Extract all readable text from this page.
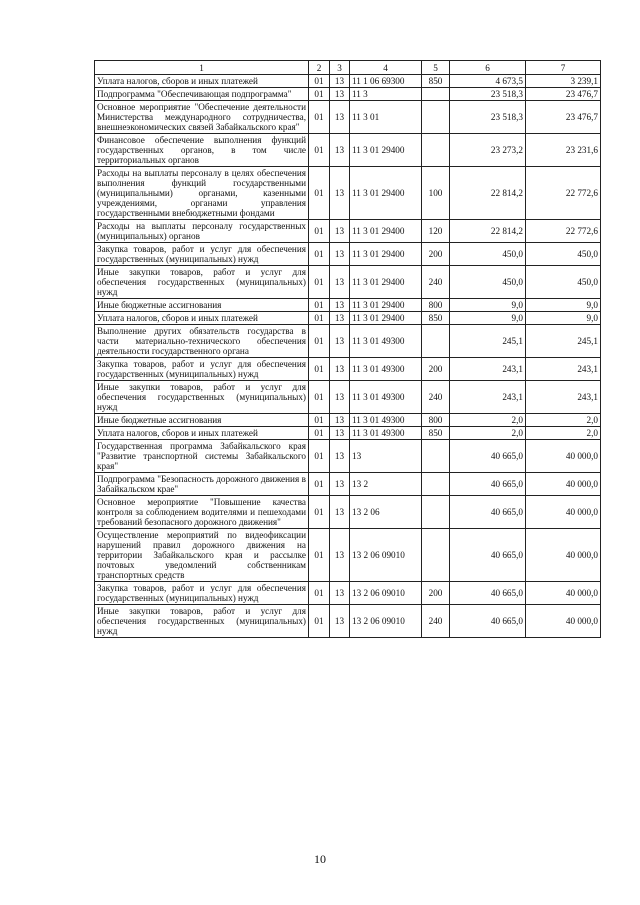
1	2	3	4	5	6	7
Уплата налогов, сборов и иных платежей	01	13	11 1 06 69300	850	4 673,5	3 239,1
Подпрограмма "Обеспечивающая подпрограмма"	01	13	11 3		23 518,3	23 476,7
Основное мероприятие "Обеспечение деятельности Министерства международного сотрудничества, внешнеэкономических связей Забайкальского края"	01	13	11 3 01		23 518,3	23 476,7
Финансовое обеспечение выполнения функций государственных органов, в том числе территориальных органов	01	13	11 3 01 29400		23 273,2	23 231,6
Расходы на выплаты персоналу в целях обеспечения выполнения функций государственными (муниципальными) органами, казенными учреждениями, органами управления государственными внебюджетными фондами	01	13	11 3 01 29400	100	22 814,2	22 772,6
Расходы на выплаты персоналу государственных (муниципальных) органов	01	13	11 3 01 29400	120	22 814,2	22 772,6
Закупка товаров, работ и услуг для обеспечения государственных (муниципальных) нужд	01	13	11 3 01 29400	200	450,0	450,0
Иные закупки товаров, работ и услуг для обеспечения государственных (муниципальных) нужд	01	13	11 3 01 29400	240	450,0	450,0
Иные бюджетные ассигнования	01	13	11 3 01 29400	800	9,0	9,0
Уплата налогов, сборов и иных платежей	01	13	11 3 01 29400	850	9,0	9,0
Выполнение других обязательств государства в части материально-технического обеспечения деятельности государственного органа	01	13	11 3 01 49300		245,1	245,1
Закупка товаров, работ и услуг для обеспечения государственных (муниципальных) нужд	01	13	11 3 01 49300	200	243,1	243,1
Иные закупки товаров, работ и услуг для обеспечения государственных (муниципальных) нужд	01	13	11 3 01 49300	240	243,1	243,1
Иные бюджетные ассигнования	01	13	11 3 01 49300	800	2,0	2,0
Уплата налогов, сборов и иных платежей	01	13	11 3 01 49300	850	2,0	2,0
Государственная программа Забайкальского края "Развитие транспортной системы Забайкальского края"	01	13	13		40 665,0	40 000,0
Подпрограмма "Безопасность дорожного движения в Забайкальском крае"	01	13	13 2		40 665,0	40 000,0
Основное мероприятие "Повышение качества контроля за соблюдением водителями и пешеходами требований безопасного дорожного движения"	01	13	13 2 06		40 665,0	40 000,0
Осуществление мероприятий по видеофиксации нарушений правил дорожного движения на территории Забайкальского края и рассылке почтовых уведомлений собственникам транспортных средств	01	13	13 2 06 09010		40 665,0	40 000,0
Закупка товаров, работ и услуг для обеспечения государственных (муниципальных) нужд	01	13	13 2 06 09010	200	40 665,0	40 000,0
Иные закупки товаров, работ и услуг для обеспечения государственных (муниципальных) нужд	01	13	13 2 06 09010	240	40 665,0	40 000,0
10
